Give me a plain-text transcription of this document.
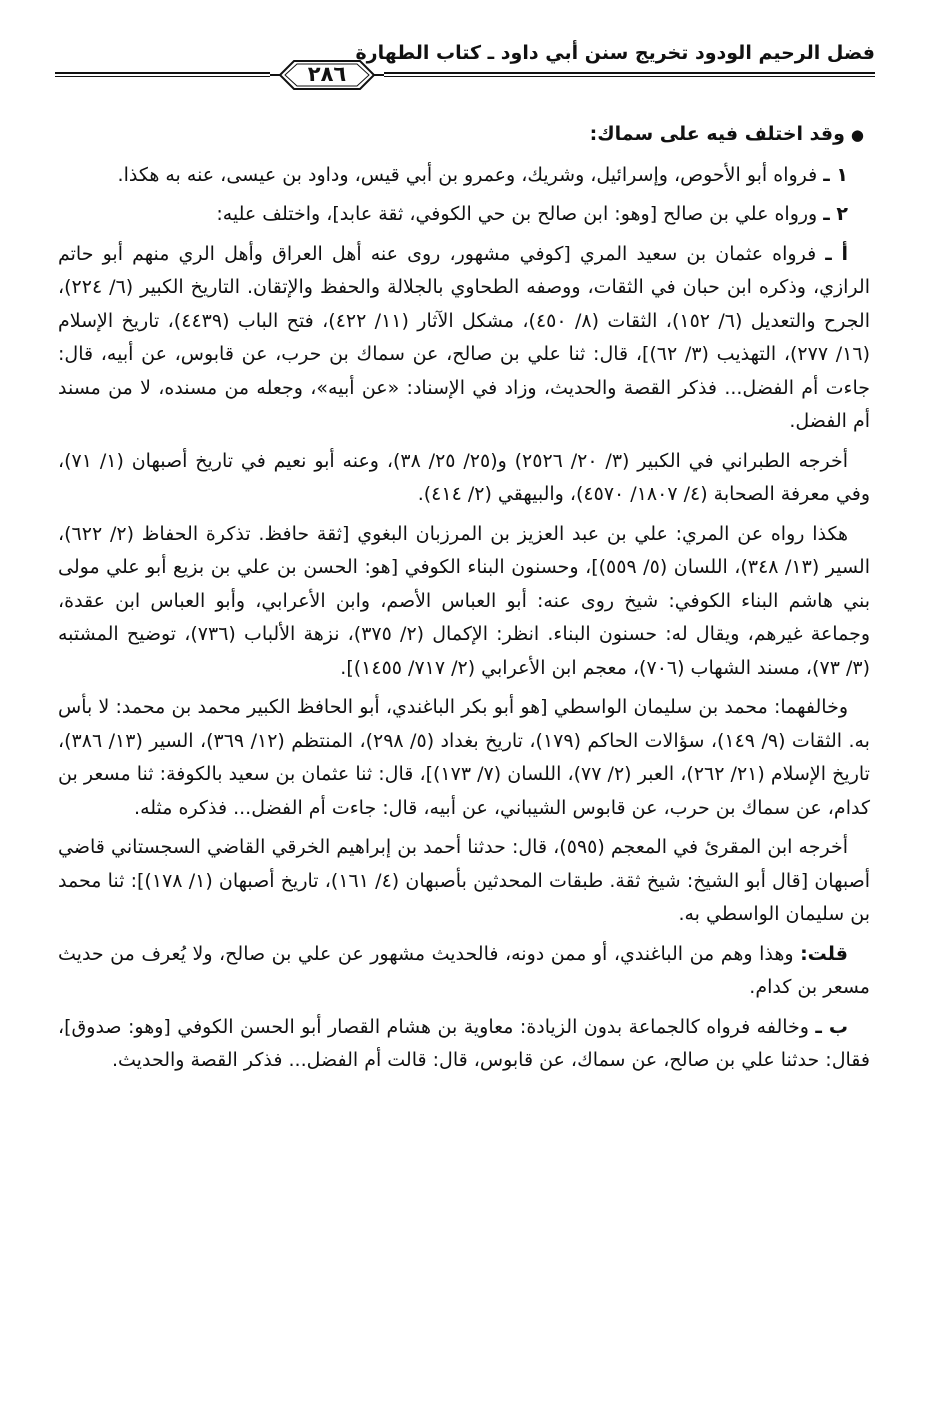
فضل الرحيم الودود تخريج سنن أبي داود ـ كتاب الطهارة
٢٨٦

●وقد اختلف فيه على سماك:

١ ـ فرواه أبو الأحوص، وإسرائيل، وشريك، وعمرو بن أبي قيس، وداود بن عيسى، عنه به هكذا.

٢ ـ ورواه علي بن صالح [وهو: ابن صالح بن حي الكوفي، ثقة عابد]، واختلف عليه:

أ ـ فرواه عثمان بن سعيد المري [كوفي مشهور، روى عنه أهل العراق وأهل الري منهم أبو حاتم الرازي، وذكره ابن حبان في الثقات، ووصفه الطحاوي بالجلالة والحفظ والإتقان. التاريخ الكبير (٦/ ٢٢٤)، الجرح والتعديل (٦/ ١٥٢)، الثقات (٨/ ٤٥٠)، مشكل الآثار (١١/ ٤٢٢)، فتح الباب (٤٤٣٩)، تاريخ الإسلام (١٦/ ٢٧٧)، التهذيب (٣/ ٦٢)]، قال: ثنا علي بن صالح، عن سماك بن حرب، عن قابوس، عن أبيه، قال: جاءت أم الفضل... فذكر القصة والحديث، وزاد في الإسناد: «عن أبيه»، وجعله من مسنده، لا من مسند أم الفضل.

أخرجه الطبراني في الكبير (٣/ ٢٠/ ٢٥٢٦) و(٢٥/ ٢٥/ ٣٨)، وعنه أبو نعيم في تاريخ أصبهان (١/ ٧١)، وفي معرفة الصحابة (٤/ ١٨٠٧/ ٤٥٧٠)، والبيهقي (٢/ ٤١٤).

هكذا رواه عن المري: علي بن عبد العزيز بن المرزبان البغوي [ثقة حافظ. تذكرة الحفاظ (٢/ ٦٢٢)، السير (١٣/ ٣٤٨)، اللسان (٥/ ٥٥٩)]، وحسنون البناء الكوفي [هو: الحسن بن علي بن بزيع أبو علي مولى بني هاشم البناء الكوفي: شيخ روى عنه: أبو العباس الأصم، وابن الأعرابي، وأبو العباس ابن عقدة، وجماعة غيرهم، ويقال له: حسنون البناء. انظر: الإكمال (٢/ ٣٧٥)، نزهة الألباب (٧٣٦)، توضيح المشتبه (٣/ ٧٣)، مسند الشهاب (٧٠٦)، معجم ابن الأعرابي (٢/ ٧١٧/ ١٤٥٥)].

وخالفهما: محمد بن سليمان الواسطي [هو أبو بكر الباغندي، أبو الحافظ الكبير محمد بن محمد: لا بأس به. الثقات (٩/ ١٤٩)، سؤالات الحاكم (١٧٩)، تاريخ بغداد (٥/ ٢٩٨)، المنتظم (١٢/ ٣٦٩)، السير (١٣/ ٣٨٦)، تاريخ الإسلام (٢١/ ٢٦٢)، العبر (٢/ ٧٧)، اللسان (٧/ ١٧٣)]، قال: ثنا عثمان بن سعيد بالكوفة: ثنا مسعر بن كدام، عن سماك بن حرب، عن قابوس الشيباني، عن أبيه، قال: جاءت أم الفضل... فذكره مثله.

أخرجه ابن المقرئ في المعجم (٥٩٥)، قال: حدثنا أحمد بن إبراهيم الخرقي القاضي السجستاني قاضي أصبهان [قال أبو الشيخ: شيخ ثقة. طبقات المحدثين بأصبهان (٤/ ١٦١)، تاريخ أصبهان (١/ ١٧٨)]: ثنا محمد بن سليمان الواسطي به.

قلت: وهذا وهم من الباغندي، أو ممن دونه، فالحديث مشهور عن علي بن صالح، ولا يُعرف من حديث مسعر بن كدام.

ب ـ وخالفه فرواه كالجماعة بدون الزيادة: معاوية بن هشام القصار أبو الحسن الكوفي [وهو: صدوق]، فقال: حدثنا علي بن صالح، عن سماك، عن قابوس، قال: قالت أم الفضل... فذكر القصة والحديث.
